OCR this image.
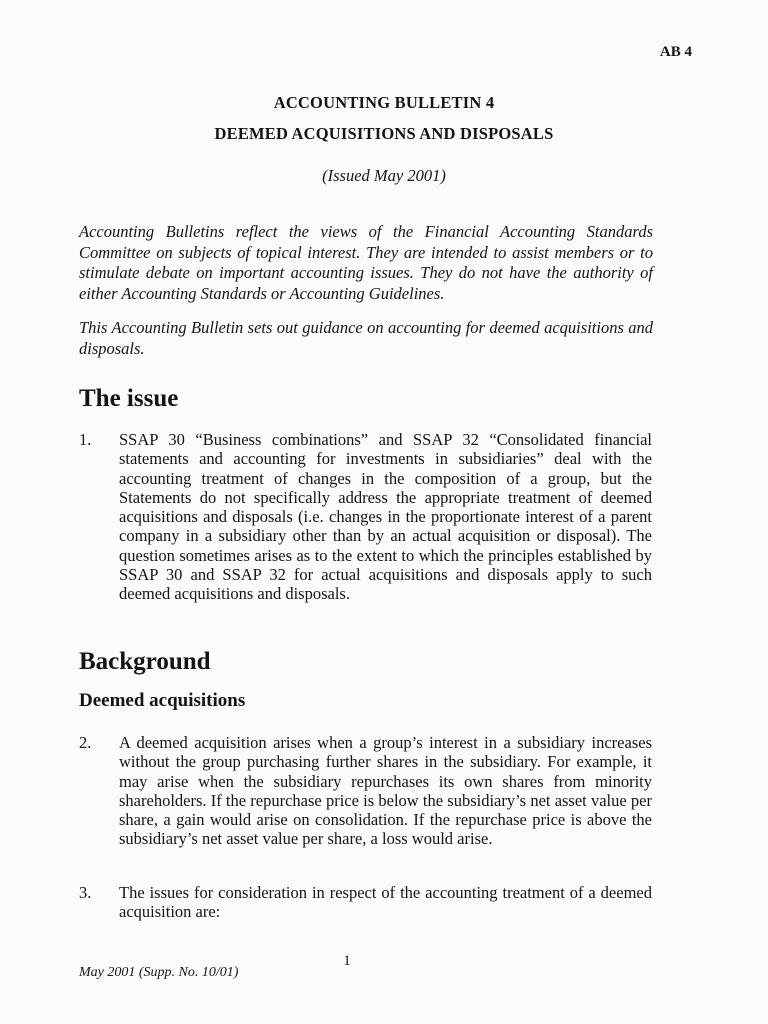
AB 4
ACCOUNTING BULLETIN 4
DEEMED ACQUISITIONS AND DISPOSALS
(Issued May 2001)
Accounting Bulletins reflect the views of the Financial Accounting Standards Committee on subjects of topical interest. They are intended to assist members or to stimulate debate on important accounting issues. They do not have the authority of either Accounting Standards or Accounting Guidelines.
This Accounting Bulletin sets out guidance on accounting for deemed acquisitions and disposals.
The issue
1. SSAP 30 “Business combinations” and SSAP 32 “Consolidated financial statements and accounting for investments in subsidiaries” deal with the accounting treatment of changes in the composition of a group, but the Statements do not specifically address the appropriate treatment of deemed acquisitions and disposals (i.e. changes in the proportionate interest of a parent company in a subsidiary other than by an actual acquisition or disposal). The question sometimes arises as to the extent to which the principles established by SSAP 30 and SSAP 32 for actual acquisitions and disposals apply to such deemed acquisitions and disposals.
Background
Deemed acquisitions
2. A deemed acquisition arises when a group’s interest in a subsidiary increases without the group purchasing further shares in the subsidiary. For example, it may arise when the subsidiary repurchases its own shares from minority shareholders. If the repurchase price is below the subsidiary’s net asset value per share, a gain would arise on consolidation. If the repurchase price is above the subsidiary’s net asset value per share, a loss would arise.
3. The issues for consideration in respect of the accounting treatment of a deemed acquisition are:
1
May 2001 (Supp. No. 10/01)
